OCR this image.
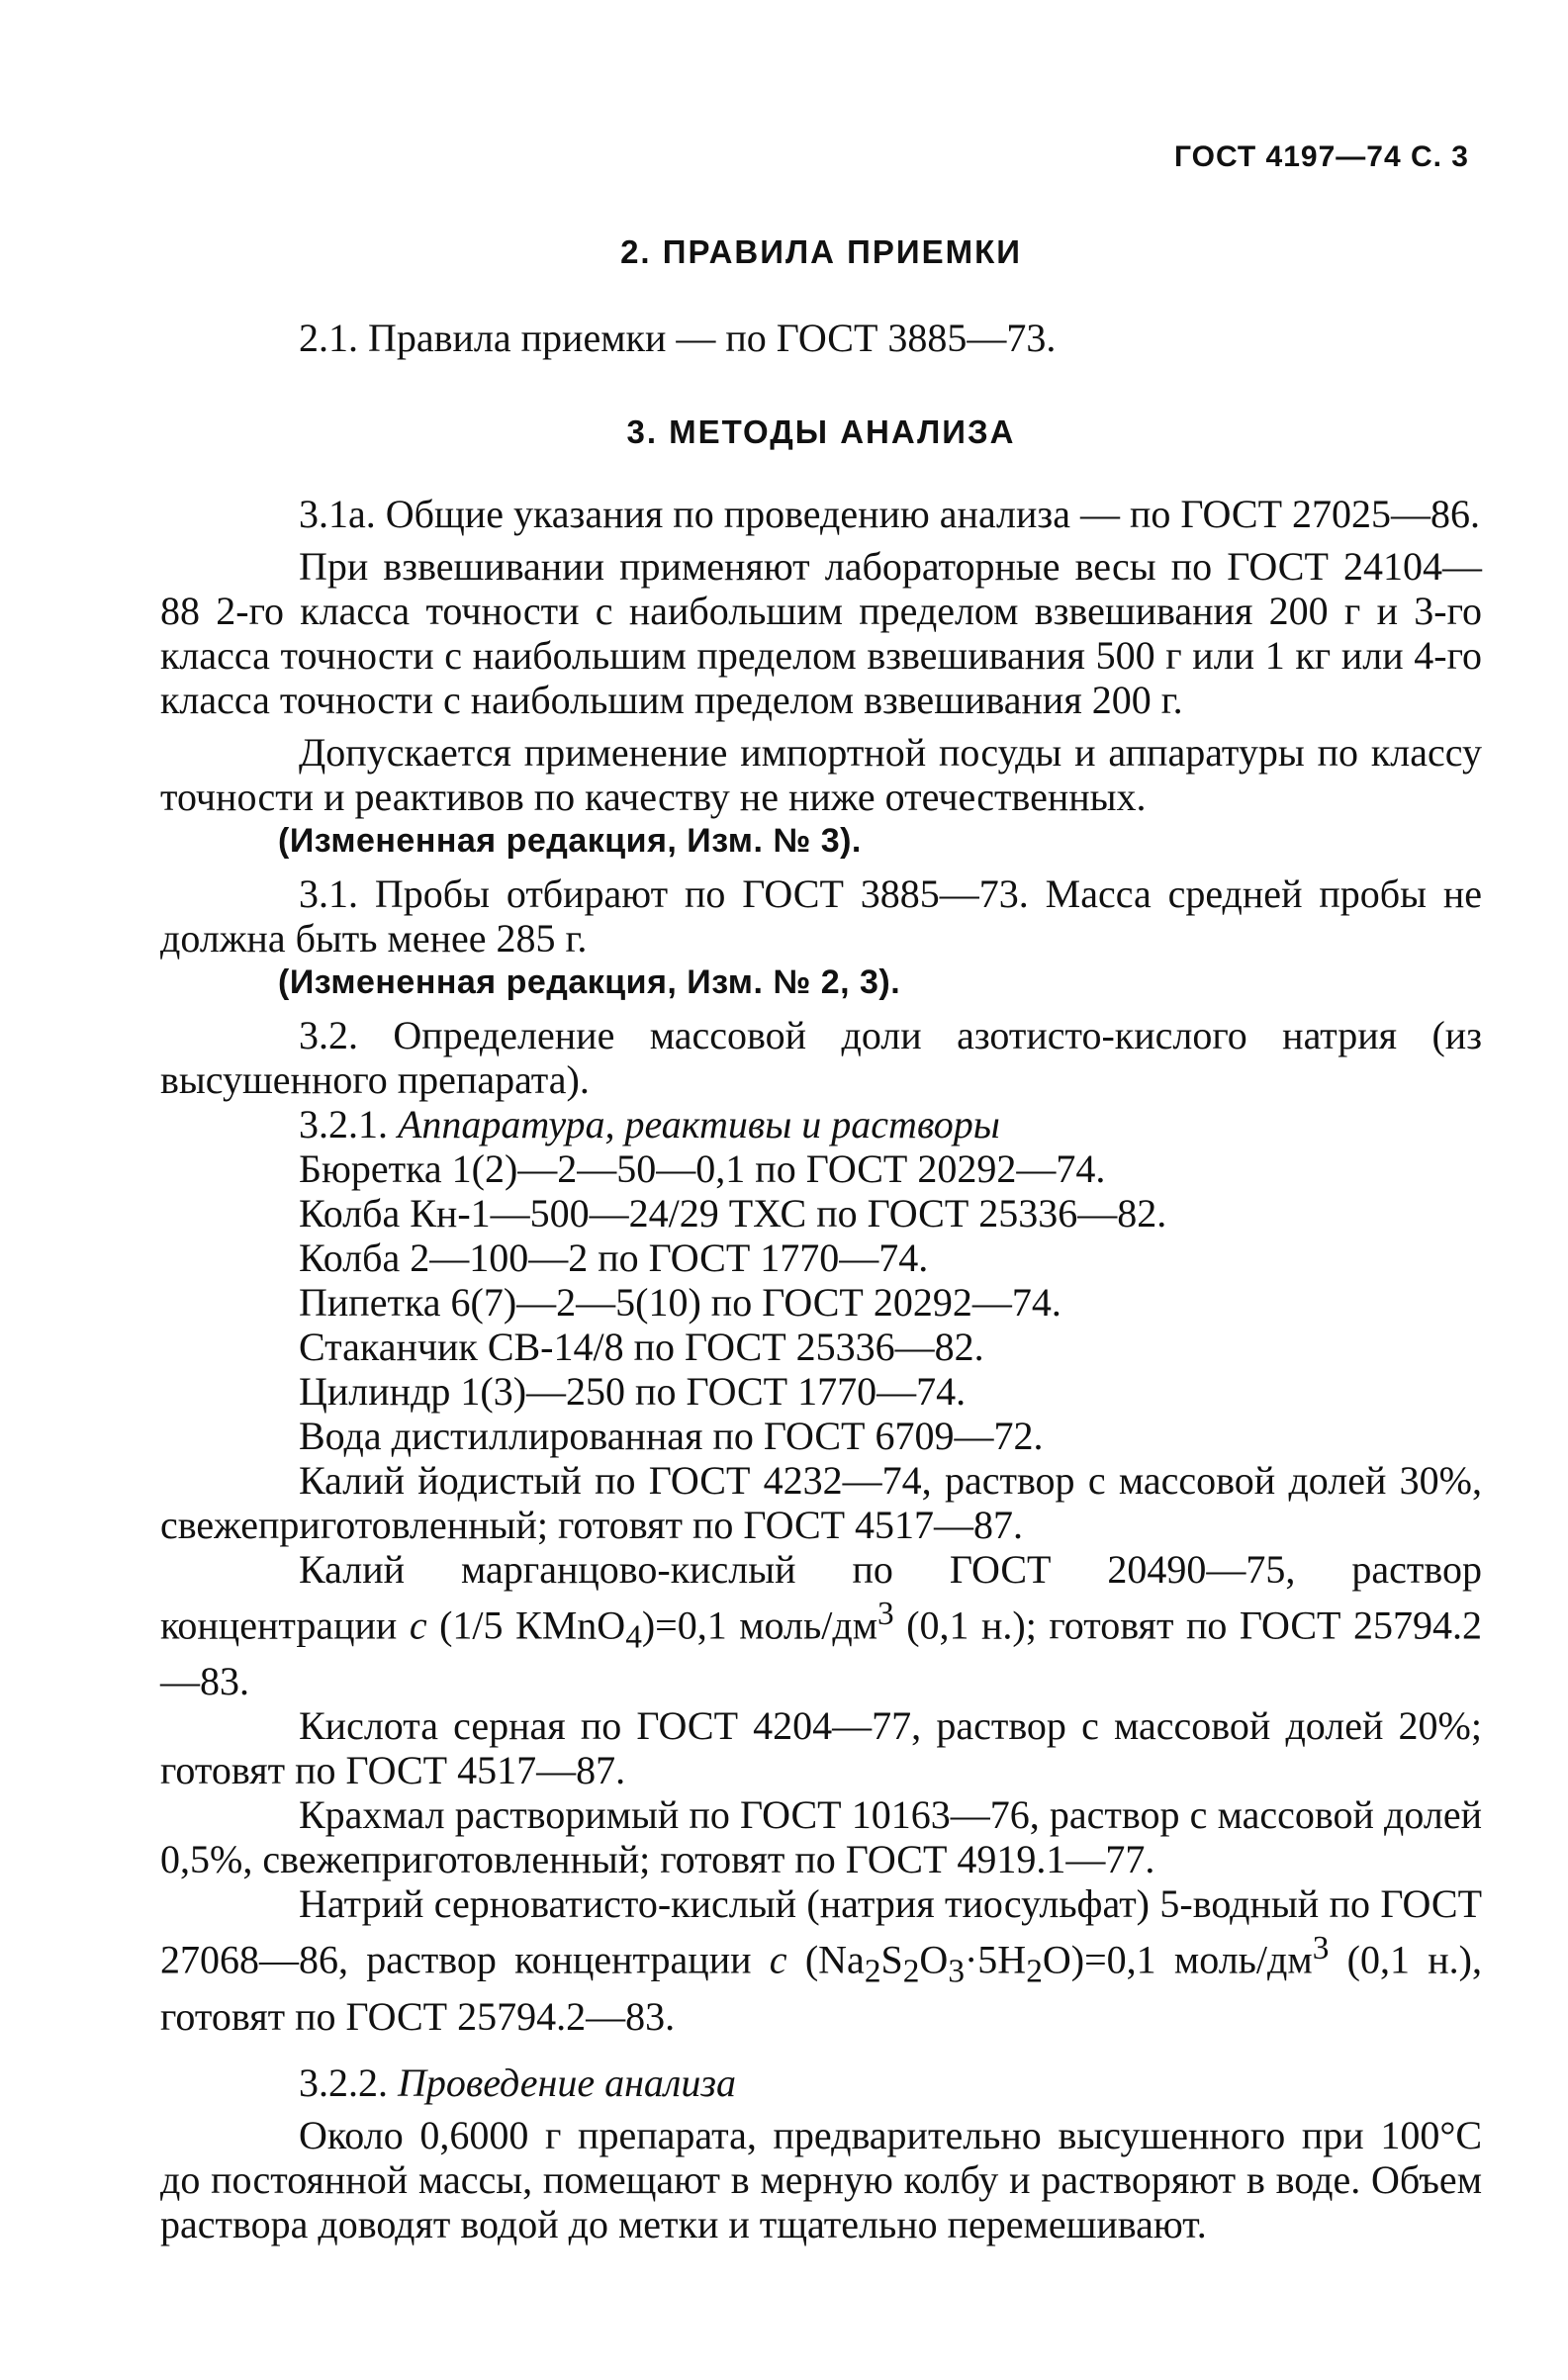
ГОСТ 4197—74 С. 3

2. ПРАВИЛА ПРИЕМКИ

2.1. Правила приемки — по ГОСТ 3885—73.

3. МЕТОДЫ АНАЛИЗА

3.1а. Общие указания по проведению анализа — по ГОСТ 27025—86.

При взвешивании применяют лабораторные весы по ГОСТ 24104—88 2-го класса точности с наибольшим пределом взвешивания 200 г и 3-го класса точности с наибольшим пределом взвешивания 500 г или 1 кг или 4-го класса точности с наибольшим пределом взвешивания 200 г.

Допускается применение импортной посуды и аппаратуры по классу точности и реактивов по качеству не ниже отечественных.

(Измененная редакция, Изм. № 3).

3.1. Пробы отбирают по ГОСТ 3885—73. Масса средней пробы не должна быть менее 285 г.

(Измененная редакция, Изм. № 2, 3).

3.2. Определение массовой доли азотисто-кислого натрия (из высушенного препарата).

3.2.1. Аппаратура, реактивы и растворы

Бюретка 1(2)—2—50—0,1 по ГОСТ 20292—74.

Колба Кн-1—500—24/29 ТХС по ГОСТ 25336—82.

Колба 2—100—2 по ГОСТ 1770—74.

Пипетка 6(7)—2—5(10) по ГОСТ 20292—74.

Стаканчик СВ-14/8 по ГОСТ 25336—82.

Цилиндр 1(3)—250 по ГОСТ 1770—74.

Вода дистиллированная по ГОСТ 6709—72.

Калий йодистый по ГОСТ 4232—74, раствор с массовой долей 30%, свежеприготовленный; готовят по ГОСТ 4517—87.

Калий марганцово-кислый по ГОСТ 20490—75, раствор концентрации c (1/5 КMnO$_4$)=0,1 моль/$дм^3$ (0,1 н.); готовят по ГОСТ 25794.2—83.

Кислота серная по ГОСТ 4204—77, раствор с массовой долей 20%; готовят по ГОСТ 4517—87.

Крахмал растворимый по ГОСТ 10163—76, раствор с массовой долей 0,5%, свежеприготовленный; готовят по ГОСТ 4919.1—77.

Натрий серноватисто-кислый (натрия тиосульфат) 5-водный по ГОСТ 27068—86, раствор концентрации c $(Na_2S_2O_3\cdot 5H_2O)=0,1$ моль/$дм^3$ (0,1 н.), готовят по ГОСТ 25794.2—83.

3.2.2. Проведение анализа

Около 0,6000 г препарата, предварительно высушенного при 100°С до постоянной массы, помещают в мерную колбу и растворяют в воде. Объем раствора доводят водой до метки и тщательно перемешивают.
